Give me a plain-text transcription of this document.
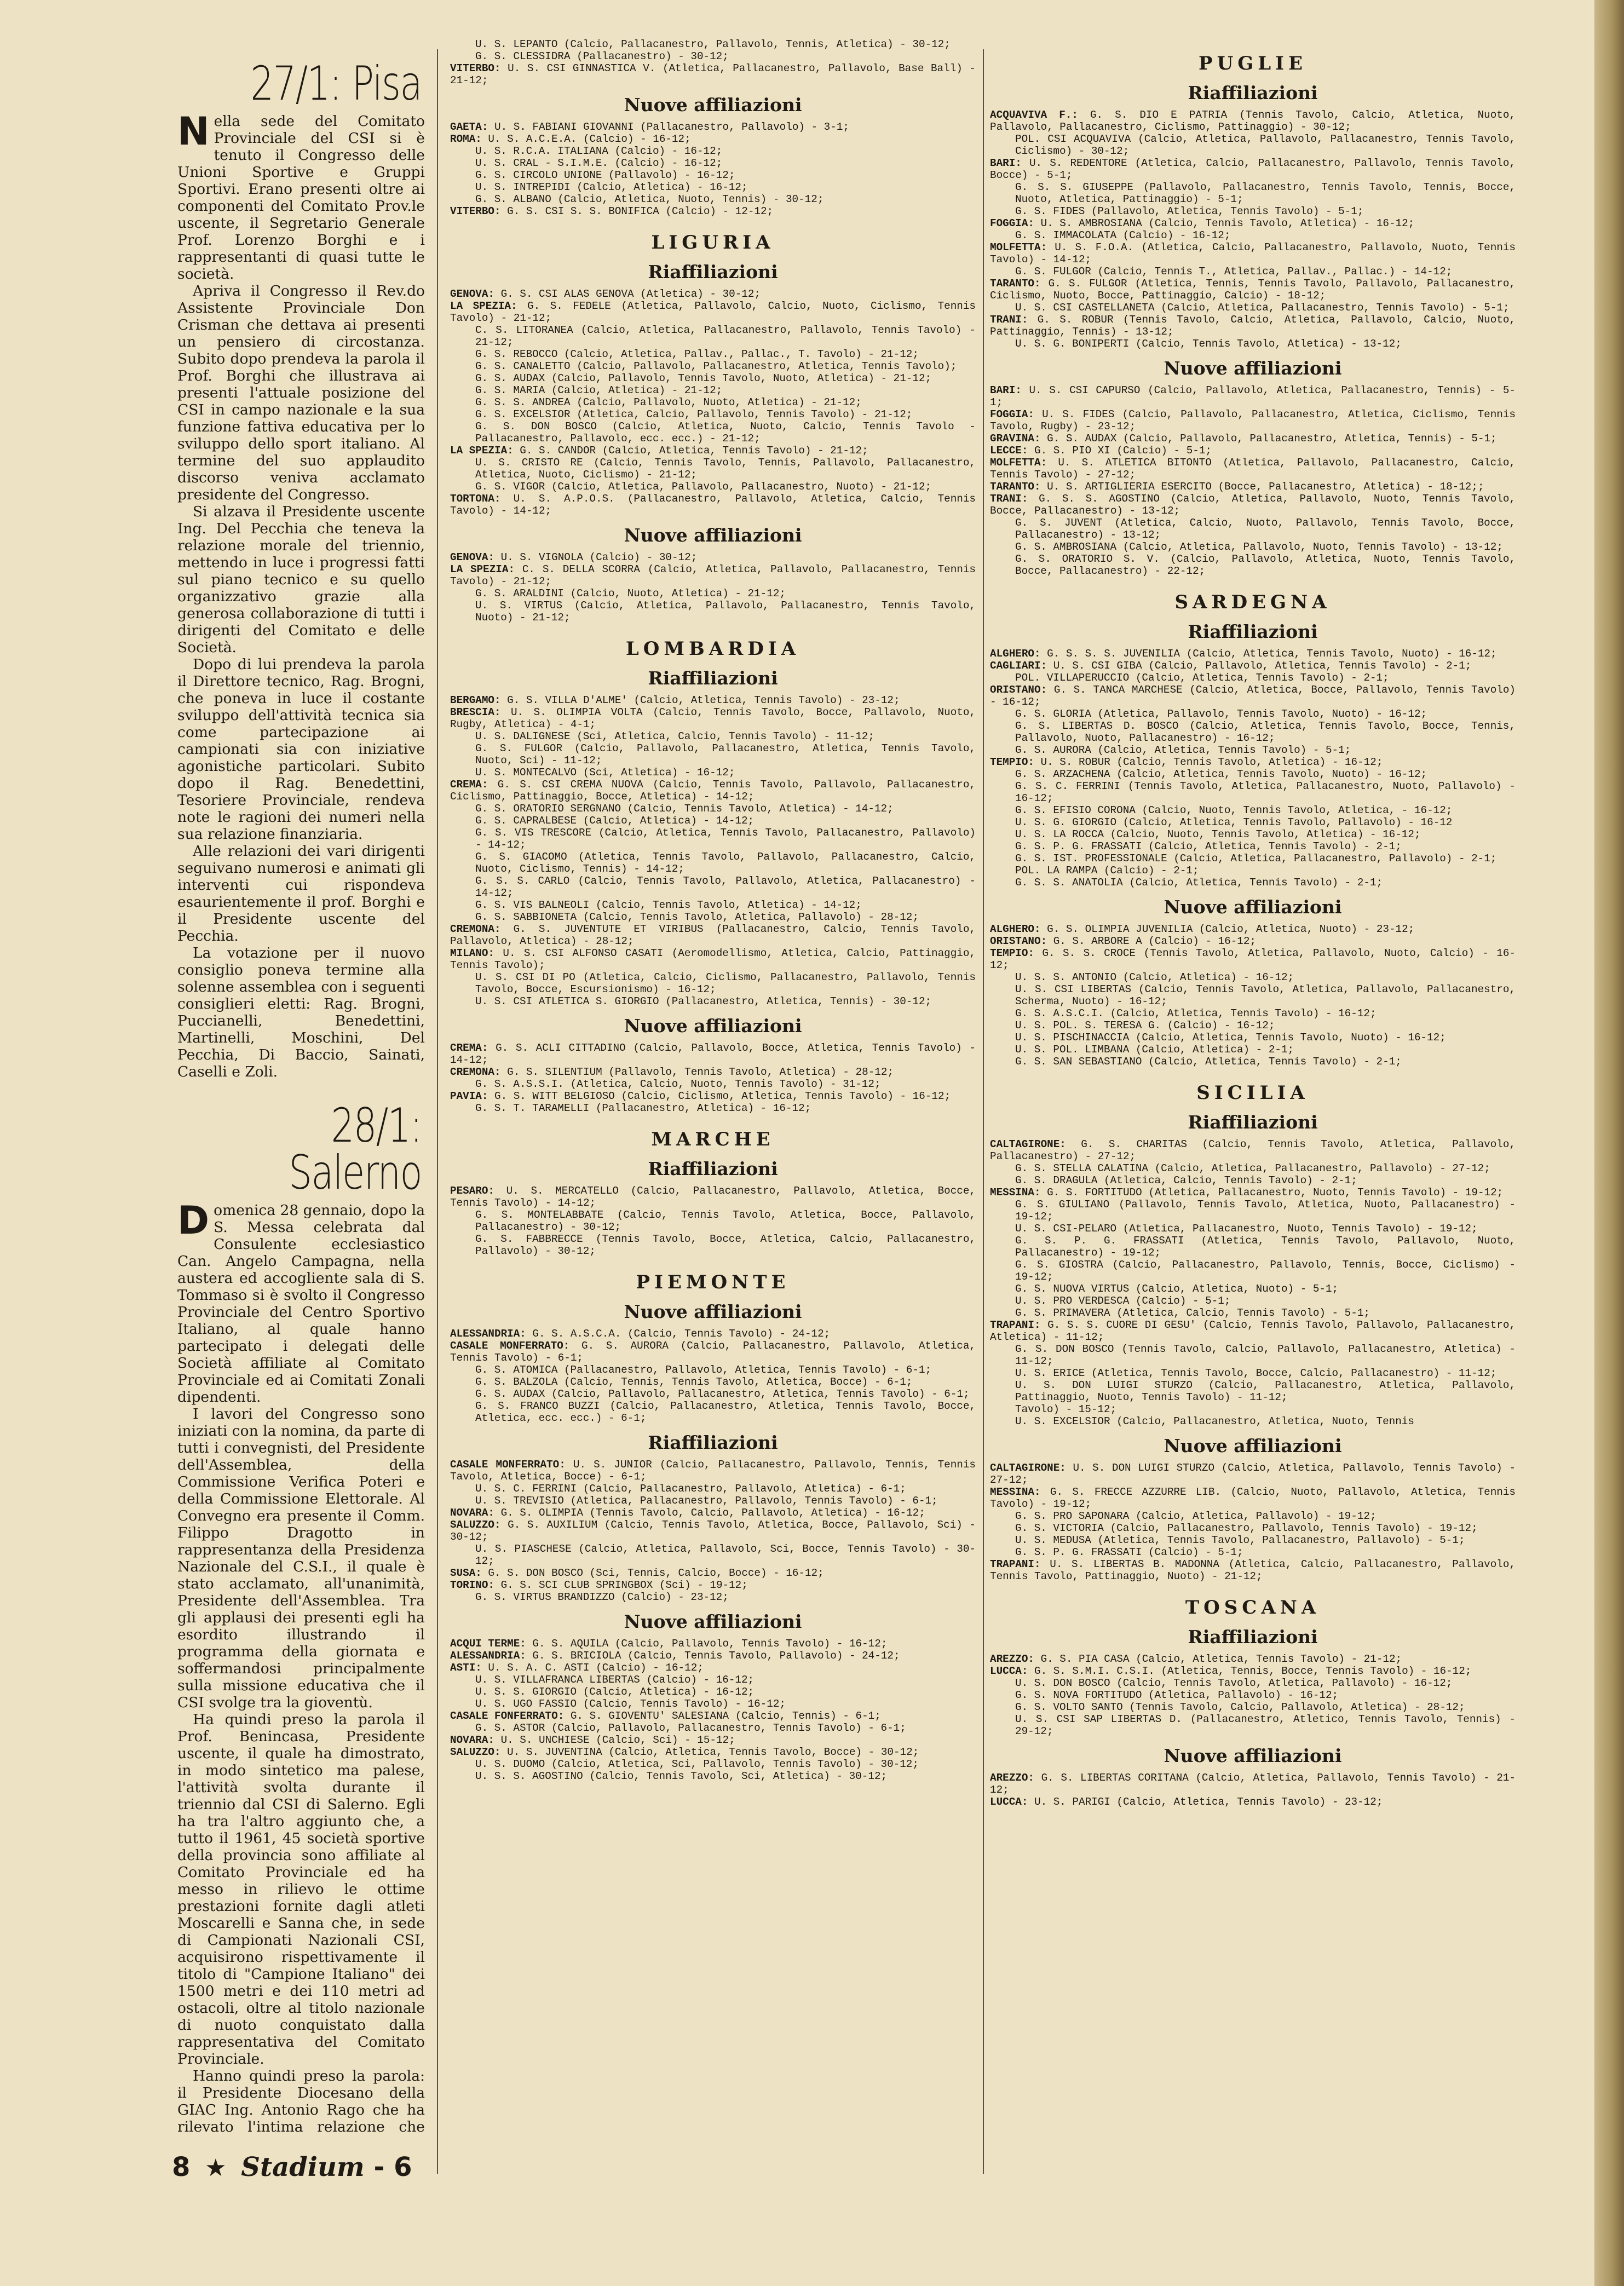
27/1: Pisa

Nella sede del Comitato Provinciale del CSI si è tenuto il Congresso delle Unioni Sportive e Gruppi Sportivi. Erano presenti oltre ai componenti del Comitato Prov.le uscente, il Segretario Generale Prof. Lorenzo Borghi e i rappresentanti di quasi tutte le società.

Apriva il Congresso il Rev.do Assistente Provinciale Don Crisman che dettava ai presenti un pensiero di circostanza. Subito dopo prendeva la parola il Prof. Borghi che illustrava ai presenti l'attuale posizione del CSI in campo nazionale e la sua funzione fattiva educativa per lo sviluppo dello sport italiano. Al termine del suo applaudito discorso veniva acclamato presidente del Congresso.

Si alzava il Presidente uscente Ing. Del Pecchia che teneva la relazione morale del triennio, mettendo in luce i progressi fatti sul piano tecnico e su quello organizzativo grazie alla generosa collaborazione di tutti i dirigenti del Comitato e delle Società.

Dopo di lui prendeva la parola il Direttore tecnico, Rag. Brogni, che poneva in luce il costante sviluppo dell'attività tecnica sia come partecipazione ai campionati sia con iniziative agonistiche particolari. Subito dopo il Rag. Benedettini, Tesoriere Provinciale, rendeva note le ragioni dei numeri nella sua relazione finanziaria.

Alle relazioni dei vari dirigenti seguivano numerosi e animati gli interventi cui rispondeva esaurientemente il prof. Borghi e il Presidente uscente del Pecchia.

La votazione per il nuovo consiglio poneva termine alla solenne assemblea con i seguenti consiglieri eletti: Rag. Brogni, Puccianelli, Benedettini, Martinelli, Moschini, Del Pecchia, Di Baccio, Sainati, Caselli e Zoli.

28/1: Salerno

Domenica 28 gennaio, dopo la S. Messa celebrata dal Consulente ecclesiastico Can. Angelo Campagna, nella austera ed accogliente sala di S. Tommaso si è svolto il Congresso Provinciale del Centro Sportivo Italiano, al quale hanno partecipato i delegati delle Società affiliate al Comitato Provinciale ed ai Comitati Zonali dipendenti.

I lavori del Congresso sono iniziati con la nomina, da parte di tutti i convegnisti, del Presidente dell'Assemblea, della Commissione Verifica Poteri e della Commissione Elettorale. Al Convegno era presente il Comm. Filippo Dragotto in rappresentanza della Presidenza Nazionale del C.S.I., il quale è stato acclamato, all'unanimità, Presidente dell'Assemblea. Tra gli applausi dei presenti egli ha esordito illustrando il programma della giornata e soffermandosi principalmente sulla missione educativa che il CSI svolge tra la gioventù.

Ha quindi preso la parola il Prof. Benincasa, Presidente uscente, il quale ha dimostrato, in modo sintetico ma palese, l'attività svolta durante il triennio dal CSI di Salerno. Egli ha tra l'altro aggiunto che, a tutto il 1961, 45 società sportive della provincia sono affiliate al Comitato Provinciale ed ha messo in rilievo le ottime prestazioni fornite dagli atleti Moscarelli e Sanna che, in sede di Campionati Nazionali CSI, acquisirono rispettivamente il titolo di "Campione Italiano" dei 1500 metri e dei 110 metri ad ostacoli, oltre al titolo nazionale di nuoto conquistato dalla rappresentativa del Comitato Provinciale.

Hanno quindi preso la parola: il Presidente Diocesano della GIAC Ing. Antonio Rago che ha rilevato l'intima relazione che

U. S. LEPANTO (Calcio, Pallacanestro, Pallavolo, Tennis, Atletica) - 30-12;

G. S. CLESSIDRA (Pallacanestro) - 30-12;

VITERBO: U. S. CSI GINNASTICA V. (Atletica, Pallacanestro, Pallavolo, Base Ball) - 21-12;

Nuove affiliazioni

GAETA: U. S. FABIANI GIOVANNI (Pallacanestro, Pallavolo) - 3-1;

ROMA: U. S. A.C.E.A. (Calcio) - 16-12;

U. S. R.C.A. ITALIANA (Calcio) - 16-12;

U. S. CRAL - S.I.M.E. (Calcio) - 16-12;

G. S. CIRCOLO UNIONE (Pallavolo) - 16-12;

U. S. INTREPIDI (Calcio, Atletica) - 16-12;

G. S. ALBANO (Calcio, Atletica, Nuoto, Tennis) - 30-12;

VITERBO: G. S. CSI S. S. BONIFICA (Calcio) - 12-12;

LIGURIA
Riaffiliazioni

GENOVA: G. S. CSI ALAS GENOVA (Atletica) - 30-12;

LA SPEZIA: G. S. FEDELE (Atletica, Pallavolo, Calcio, Nuoto, Ciclismo, Tennis Tavolo) - 21-12;

C. S. LITORANEA (Calcio, Atletica, Pallacanestro, Pallavolo, Tennis Tavolo) - 21-12;

G. S. REBOCCO (Calcio, Atletica, Pallav., Pallac., T. Tavolo) - 21-12;

G. S. CANALETTO (Calcio, Pallavolo, Pallacanestro, Atletica, Tennis Tavolo);

G. S. AUDAX (Calcio, Pallavolo, Tennis Tavolo, Nuoto, Atletica) - 21-12;

G. S. MARIA (Calcio, Atletica) - 21-12;

G. S. S. ANDREA (Calcio, Pallavolo, Nuoto, Atletica) - 21-12;

G. S. EXCELSIOR (Atletica, Calcio, Pallavolo, Tennis Tavolo) - 21-12;

G. S. DON BOSCO (Calcio, Atletica, Nuoto, Calcio, Tennis Tavolo - Pallacanestro, Pallavolo, ecc. ecc.) - 21-12;

LA SPEZIA: G. S. CANDOR (Calcio, Atletica, Tennis Tavolo) - 21-12;

U. S. CRISTO RE (Calcio, Tennis Tavolo, Tennis, Pallavolo, Pallacanestro, Atletica, Nuoto, Ciclismo) - 21-12;

G. S. VIGOR (Calcio, Atletica, Pallavolo, Pallacanestro, Nuoto) - 21-12;

TORTONA: U. S. A.P.O.S. (Pallacanestro, Pallavolo, Atletica, Calcio, Tennis Tavolo) - 14-12;

Nuove affiliazioni

GENOVA: U. S. VIGNOLA (Calcio) - 30-12;

LA SPEZIA: C. S. DELLA SCORRA (Calcio, Atletica, Pallavolo, Pallacanestro, Tennis Tavolo) - 21-12;

G. S. ARALDINI (Calcio, Nuoto, Atletica) - 21-12;

U. S. VIRTUS (Calcio, Atletica, Pallavolo, Pallacanestro, Tennis Tavolo, Nuoto) - 21-12;

LOMBARDIA
Riaffiliazioni

BERGAMO: G. S. VILLA D'ALME' (Calcio, Atletica, Tennis Tavolo) - 23-12;

BRESCIA: U. S. OLIMPIA VOLTA (Calcio, Tennis Tavolo, Bocce, Pallavolo, Nuoto, Rugby, Atletica) - 4-1;

U. S. DALIGNESE (Sci, Atletica, Calcio, Tennis Tavolo) - 11-12;

G. S. FULGOR (Calcio, Pallavolo, Pallacanestro, Atletica, Tennis Tavolo, Nuoto, Sci) - 11-12;

U. S. MONTECALVO (Sci, Atletica) - 16-12;

CREMA: G. S. CSI CREMA NUOVA (Calcio, Tennis Tavolo, Pallavolo, Pallacanestro, Ciclismo, Pattinaggio, Bocce, Atletica) - 14-12;

G. S. ORATORIO SERGNANO (Calcio, Tennis Tavolo, Atletica) - 14-12;

G. S. CAPRALBESE (Calcio, Atletica) - 14-12;

G. S. VIS TRESCORE (Calcio, Atletica, Tennis Tavolo, Pallacanestro, Pallavolo) - 14-12;

G. S. GIACOMO (Atletica, Tennis Tavolo, Pallavolo, Pallacanestro, Calcio, Nuoto, Ciclismo, Tennis) - 14-12;

G. S. S. CARLO (Calcio, Tennis Tavolo, Pallavolo, Atletica, Pallacanestro) - 14-12;

G. S. VIS BALNEOLI (Calcio, Tennis Tavolo, Atletica) - 14-12;

G. S. SABBIONETA (Calcio, Tennis Tavolo, Atletica, Pallavolo) - 28-12;

CREMONA: G. S. JUVENTUTE ET VIRIBUS (Pallacanestro, Calcio, Tennis Tavolo, Pallavolo, Atletica) - 28-12;

MILANO: U. S. CSI ALFONSO CASATI (Aeromodellismo, Atletica, Calcio, Pattinaggio, Tennis Tavolo);

U. S. CSI DI PO (Atletica, Calcio, Ciclismo, Pallacanestro, Pallavolo, Tennis Tavolo, Bocce, Escursionismo) - 16-12;

U. S. CSI ATLETICA S. GIORGIO (Pallacanestro, Atletica, Tennis) - 30-12;

Nuove affiliazioni

CREMA: G. S. ACLI CITTADINO (Calcio, Pallavolo, Bocce, Atletica, Tennis Tavolo) - 14-12;

CREMONA: G. S. SILENTIUM (Pallavolo, Tennis Tavolo, Atletica) - 28-12;

G. S. A.S.S.I. (Atletica, Calcio, Nuoto, Tennis Tavolo) - 31-12;

PAVIA: G. S. WITT BELGIOSO (Calcio, Ciclismo, Atletica, Tennis Tavolo) - 16-12;

G. S. T. TARAMELLI (Pallacanestro, Atletica) - 16-12;

MARCHE
Riaffiliazioni

PESARO: U. S. MERCATELLO (Calcio, Pallacanestro, Pallavolo, Atletica, Bocce, Tennis Tavolo) - 14-12;

G. S. MONTELABBATE (Calcio, Tennis Tavolo, Atletica, Bocce, Pallavolo, Pallacanestro) - 30-12;

G. S. FABBRECCE (Tennis Tavolo, Bocce, Atletica, Calcio, Pallacanestro, Pallavolo) - 30-12;

PIEMONTE
Nuove affiliazioni

ALESSANDRIA: G. S. A.S.C.A. (Calcio, Tennis Tavolo) - 24-12;

CASALE MONFERRATO: G. S. AURORA (Calcio, Pallacanestro, Pallavolo, Atletica, Tennis Tavolo) - 6-1;

G. S. ATOMICA (Pallacanestro, Pallavolo, Atletica, Tennis Tavolo) - 6-1;

G. S. BALZOLA (Calcio, Tennis, Tennis Tavolo, Atletica, Bocce) - 6-1;

G. S. AUDAX (Calcio, Pallavolo, Pallacanestro, Atletica, Tennis Tavolo) - 6-1;

G. S. FRANCO BUZZI (Calcio, Pallacanestro, Atletica, Tennis Tavolo, Bocce, Atletica, ecc. ecc.) - 6-1;

Riaffiliazioni

CASALE MONFERRATO: U. S. JUNIOR (Calcio, Pallacanestro, Pallavolo, Tennis, Tennis Tavolo, Atletica, Bocce) - 6-1;

U. S. C. FERRINI (Calcio, Pallacanestro, Pallavolo, Atletica) - 6-1;

U. S. TREVISIO (Atletica, Pallacanestro, Pallavolo, Tennis Tavolo) - 6-1;

NOVARA: G. S. OLIMPIA (Tennis Tavolo, Calcio, Pallavolo, Atletica) - 16-12;

SALUZZO: G. S. AUXILIUM (Calcio, Tennis Tavolo, Atletica, Bocce, Pallavolo, Sci) - 30-12;

U. S. PIASCHESE (Calcio, Atletica, Pallavolo, Sci, Bocce, Tennis Tavolo) - 30-12;

SUSA: G. S. DON BOSCO (Sci, Tennis, Calcio, Bocce) - 16-12;

TORINO: G. S. SCI CLUB SPRINGBOX (Sci) - 19-12;

G. S. VIRTUS BRANDIZZO (Calcio) - 23-12;

Nuove affiliazioni

ACQUI TERME: G. S. AQUILA (Calcio, Pallavolo, Tennis Tavolo) - 16-12;

ALESSANDRIA: G. S. BRICIOLA (Calcio, Tennis Tavolo, Pallavolo) - 24-12;

ASTI: U. S. A. C. ASTI (Calcio) - 16-12;

U. S. VILLAFRANCA LIBERTAS (Calcio) - 16-12;

U. S. S. GIORGIO (Calcio, Atletica) - 16-12;

U. S. UGO FASSIO (Calcio, Tennis Tavolo) - 16-12;

CASALE FONFERRATO: G. S. GIOVENTU' SALESIANA (Calcio, Tennis) - 6-1;

G. S. ASTOR (Calcio, Pallavolo, Pallacanestro, Tennis Tavolo) - 6-1;

NOVARA: U. S. UNCHIESE (Calcio, Sci) - 15-12;

SALUZZO: U. S. JUVENTINA (Calcio, Atletica, Tennis Tavolo, Bocce) - 30-12;

U. S. DUOMO (Calcio, Atletica, Sci, Pallavolo, Tennis Tavolo) - 30-12;

U. S. S. AGOSTINO (Calcio, Tennis Tavolo, Sci, Atletica) - 30-12;

PUGLIE
Riaffiliazioni

ACQUAVIVA F.: G. S. DIO E PATRIA (Tennis Tavolo, Calcio, Atletica, Nuoto, Pallavolo, Pallacanestro, Ciclismo, Pattinaggio) - 30-12;

POL. CSI ACQUAVIVA (Calcio, Atletica, Pallavolo, Pallacanestro, Tennis Tavolo, Ciclismo) - 30-12;

BARI: U. S. REDENTORE (Atletica, Calcio, Pallacanestro, Pallavolo, Tennis Tavolo, Bocce) - 5-1;

G. S. S. GIUSEPPE (Pallavolo, Pallacanestro, Tennis Tavolo, Tennis, Bocce, Nuoto, Atletica, Pattinaggio) - 5-1;

G. S. FIDES (Pallavolo, Atletica, Tennis Tavolo) - 5-1;

FOGGIA: U. S. AMBROSIANA (Calcio, Tennis Tavolo, Atletica) - 16-12;

G. S. IMMACOLATA (Calcio) - 16-12;

MOLFETTA: U. S. F.O.A. (Atletica, Calcio, Pallacanestro, Pallavolo, Nuoto, Tennis Tavolo) - 14-12;

G. S. FULGOR (Calcio, Tennis T., Atletica, Pallav., Pallac.) - 14-12;

TARANTO: G. S. FULGOR (Atletica, Tennis, Tennis Tavolo, Pallavolo, Pallacanestro, Ciclismo, Nuoto, Bocce, Pattinaggio, Calcio) - 18-12;

U. S. CSI CASTELLANETA (Calcio, Atletica, Pallacanestro, Tennis Tavolo) - 5-1;

TRANI: G. S. ROBUR (Tennis Tavolo, Calcio, Atletica, Pallavolo, Calcio, Nuoto, Pattinaggio, Tennis) - 13-12;

U. S. G. BONIPERTI (Calcio, Tennis Tavolo, Atletica) - 13-12;

Nuove affiliazioni

BARI: U. S. CSI CAPURSO (Calcio, Pallavolo, Atletica, Pallacanestro, Tennis) - 5-1;

FOGGIA: U. S. FIDES (Calcio, Pallavolo, Pallacanestro, Atletica, Ciclismo, Tennis Tavolo, Rugby) - 23-12;

GRAVINA: G. S. AUDAX (Calcio, Pallavolo, Pallacanestro, Atletica, Tennis) - 5-1;

LECCE: G. S. PIO XI (Calcio) - 5-1;

MOLFETTA: U. S. ATLETICA BITONTO (Atletica, Pallavolo, Pallacanestro, Calcio, Tennis Tavolo) - 27-12;

TARANTO: U. S. ARTIGLIERIA ESERCITO (Bocce, Pallacanestro, Atletica) - 18-12;;

TRANI: G. S. S. AGOSTINO (Calcio, Atletica, Pallavolo, Nuoto, Tennis Tavolo, Bocce, Pallacanestro) - 13-12;

G. S. JUVENT (Atletica, Calcio, Nuoto, Pallavolo, Tennis Tavolo, Bocce, Pallacanestro) - 13-12;

G. S. AMBROSIANA (Calcio, Atletica, Pallavolo, Nuoto, Tennis Tavolo) - 13-12;

G. S. ORATORIO S. V. (Calcio, Pallavolo, Atletica, Nuoto, Tennis Tavolo, Bocce, Pallacanestro) - 22-12;

SARDEGNA
Riaffiliazioni

ALGHERO: G. S. S. S. JUVENILIA (Calcio, Atletica, Tennis Tavolo, Nuoto) - 16-12;

CAGLIARI: U. S. CSI GIBA (Calcio, Pallavolo, Atletica, Tennis Tavolo) - 2-1;

POL. VILLAPERUCCIO (Calcio, Atletica, Tennis Tavolo) - 2-1;

ORISTANO: G. S. TANCA MARCHESE (Calcio, Atletica, Bocce, Pallavolo, Tennis Tavolo) - 16-12;

G. S. GLORIA (Atletica, Pallavolo, Tennis Tavolo, Nuoto) - 16-12;

G. S. LIBERTAS D. BOSCO (Calcio, Atletica, Tennis Tavolo, Bocce, Tennis, Pallavolo, Nuoto, Pallacanestro) - 16-12;

G. S. AURORA (Calcio, Atletica, Tennis Tavolo) - 5-1;

TEMPIO: U. S. ROBUR (Calcio, Tennis Tavolo, Atletica) - 16-12;

G. S. ARZACHENA (Calcio, Atletica, Tennis Tavolo, Nuoto) - 16-12;

G. S. C. FERRINI (Tennis Tavolo, Atletica, Pallacanestro, Nuoto, Pallavolo) - 16-12;

G. S. EFISIO CORONA (Calcio, Nuoto, Tennis Tavolo, Atletica, - 16-12;

U. S. G. GIORGIO (Calcio, Atletica, Tennis Tavolo, Pallavolo) - 16-12

U. S. LA ROCCA (Calcio, Nuoto, Tennis Tavolo, Atletica) - 16-12;

G. S. P. G. FRASSATI (Calcio, Atletica, Tennis Tavolo) - 2-1;

G. S. IST. PROFESSIONALE (Calcio, Atletica, Pallacanestro, Pallavolo) - 2-1;

POL. LA RAMPA (Calcio) - 2-1;

G. S. S. ANATOLIA (Calcio, Atletica, Tennis Tavolo) - 2-1;

Nuove affiliazioni

ALGHERO: G. S. OLIMPIA JUVENILIA (Calcio, Atletica, Nuoto) - 23-12;

ORISTANO: G. S. ARBORE A (Calcio) - 16-12;

TEMPIO: G. S. S. CROCE (Tennis Tavolo, Atletica, Pallavolo, Nuoto, Calcio) - 16-12;

U. S. S. ANTONIO (Calcio, Atletica) - 16-12;

U. S. CSI LIBERTAS (Calcio, Tennis Tavolo, Atletica, Pallavolo, Pallacanestro, Scherma, Nuoto) - 16-12;

G. S. A.S.C.I. (Calcio, Atletica, Tennis Tavolo) - 16-12;

U. S. POL. S. TERESA G. (Calcio) - 16-12;

U. S. PISCHINACCIA (Calcio, Atletica, Tennis Tavolo, Nuoto) - 16-12;

U. S. POL. LIMBANA (Calcio, Atletica) - 2-1;

G. S. SAN SEBASTIANO (Calcio, Atletica, Tennis Tavolo) - 2-1;

SICILIA
Riaffiliazioni

CALTAGIRONE: G. S. CHARITAS (Calcio, Tennis Tavolo, Atletica, Pallavolo, Pallacanestro) - 27-12;

G. S. STELLA CALATINA (Calcio, Atletica, Pallacanestro, Pallavolo) - 27-12;

G. S. DRAGULA (Atletica, Calcio, Tennis Tavolo) - 2-1;

MESSINA: G. S. FORTITUDO (Atletica, Pallacanestro, Nuoto, Tennis Tavolo) - 19-12;

G. S. GIULIANO (Pallavolo, Tennis Tavolo, Atletica, Nuoto, Pallacanestro) - 19-12;

U. S. CSI-PELARO (Atletica, Pallacanestro, Nuoto, Tennis Tavolo) - 19-12;

G. S. P. G. FRASSATI (Atletica, Tennis Tavolo, Pallavolo, Nuoto, Pallacanestro) - 19-12;

G. S. GIOSTRA (Calcio, Pallacanestro, Pallavolo, Tennis, Bocce, Ciclismo) - 19-12;

G. S. NUOVA VIRTUS (Calcio, Atletica, Nuoto) - 5-1;

U. S. PRO VERDESCA (Calcio) - 5-1;

G. S. PRIMAVERA (Atletica, Calcio, Tennis Tavolo) - 5-1;

TRAPANI: G. S. S. CUORE DI GESU' (Calcio, Tennis Tavolo, Pallavolo, Pallacanestro, Atletica) - 11-12;

G. S. DON BOSCO (Tennis Tavolo, Calcio, Pallavolo, Pallacanestro, Atletica) - 11-12;

U. S. ERICE (Atletica, Tennis Tavolo, Bocce, Calcio, Pallacanestro) - 11-12;

U. S. DON LUIGI STURZO (Calcio, Pallacanestro, Atletica, Pallavolo, Pattinaggio, Nuoto, Tennis Tavolo) - 11-12;

Tavolo) - 15-12;

U. S. EXCELSIOR (Calcio, Pallacanestro, Atletica, Nuoto, Tennis

Nuove affiliazioni

CALTAGIRONE: U. S. DON LUIGI STURZO (Calcio, Atletica, Pallavolo, Tennis Tavolo) - 27-12;

MESSINA: G. S. FRECCE AZZURRE LIB. (Calcio, Nuoto, Pallavolo, Atletica, Tennis Tavolo) - 19-12;

G. S. PRO SAPONARA (Calcio, Atletica, Pallavolo) - 19-12;

G. S. VICTORIA (Calcio, Pallacanestro, Pallavolo, Tennis Tavolo) - 19-12;

U. S. MEDUSA (Atletica, Tennis Tavolo, Pallacanestro, Pallavolo) - 5-1;

G. S. P. G. FRASSATI (Calcio) - 5-1;

TRAPANI: U. S. LIBERTAS B. MADONNA (Atletica, Calcio, Pallacanestro, Pallavolo, Tennis Tavolo, Pattinaggio, Nuoto) - 21-12;

TOSCANA
Riaffiliazioni

AREZZO: G. S. PIA CASA (Calcio, Atletica, Tennis Tavolo) - 21-12;

LUCCA: G. S. S.M.I. C.S.I. (Atletica, Tennis, Bocce, Tennis Tavolo) - 16-12;

U. S. DON BOSCO (Calcio, Tennis Tavolo, Atletica, Pallavolo) - 16-12;

G. S. NOVA FORTITUDO (Atletica, Pallavolo) - 16-12;

G. S. VOLTO SANTO (Tennis Tavolo, Calcio, Pallavolo, Atletica) - 28-12;

U. S. CSI SAP LIBERTAS D. (Pallacanestro, Atletico, Tennis Tavolo, Tennis) - 29-12;

Nuove affiliazioni

AREZZO: G. S. LIBERTAS CORITANA (Calcio, Atletica, Pallavolo, Tennis Tavolo) - 21-12;

LUCCA: U. S. PARIGI (Calcio, Atletica, Tennis Tavolo) - 23-12;

8 ★ Stadium - 6
